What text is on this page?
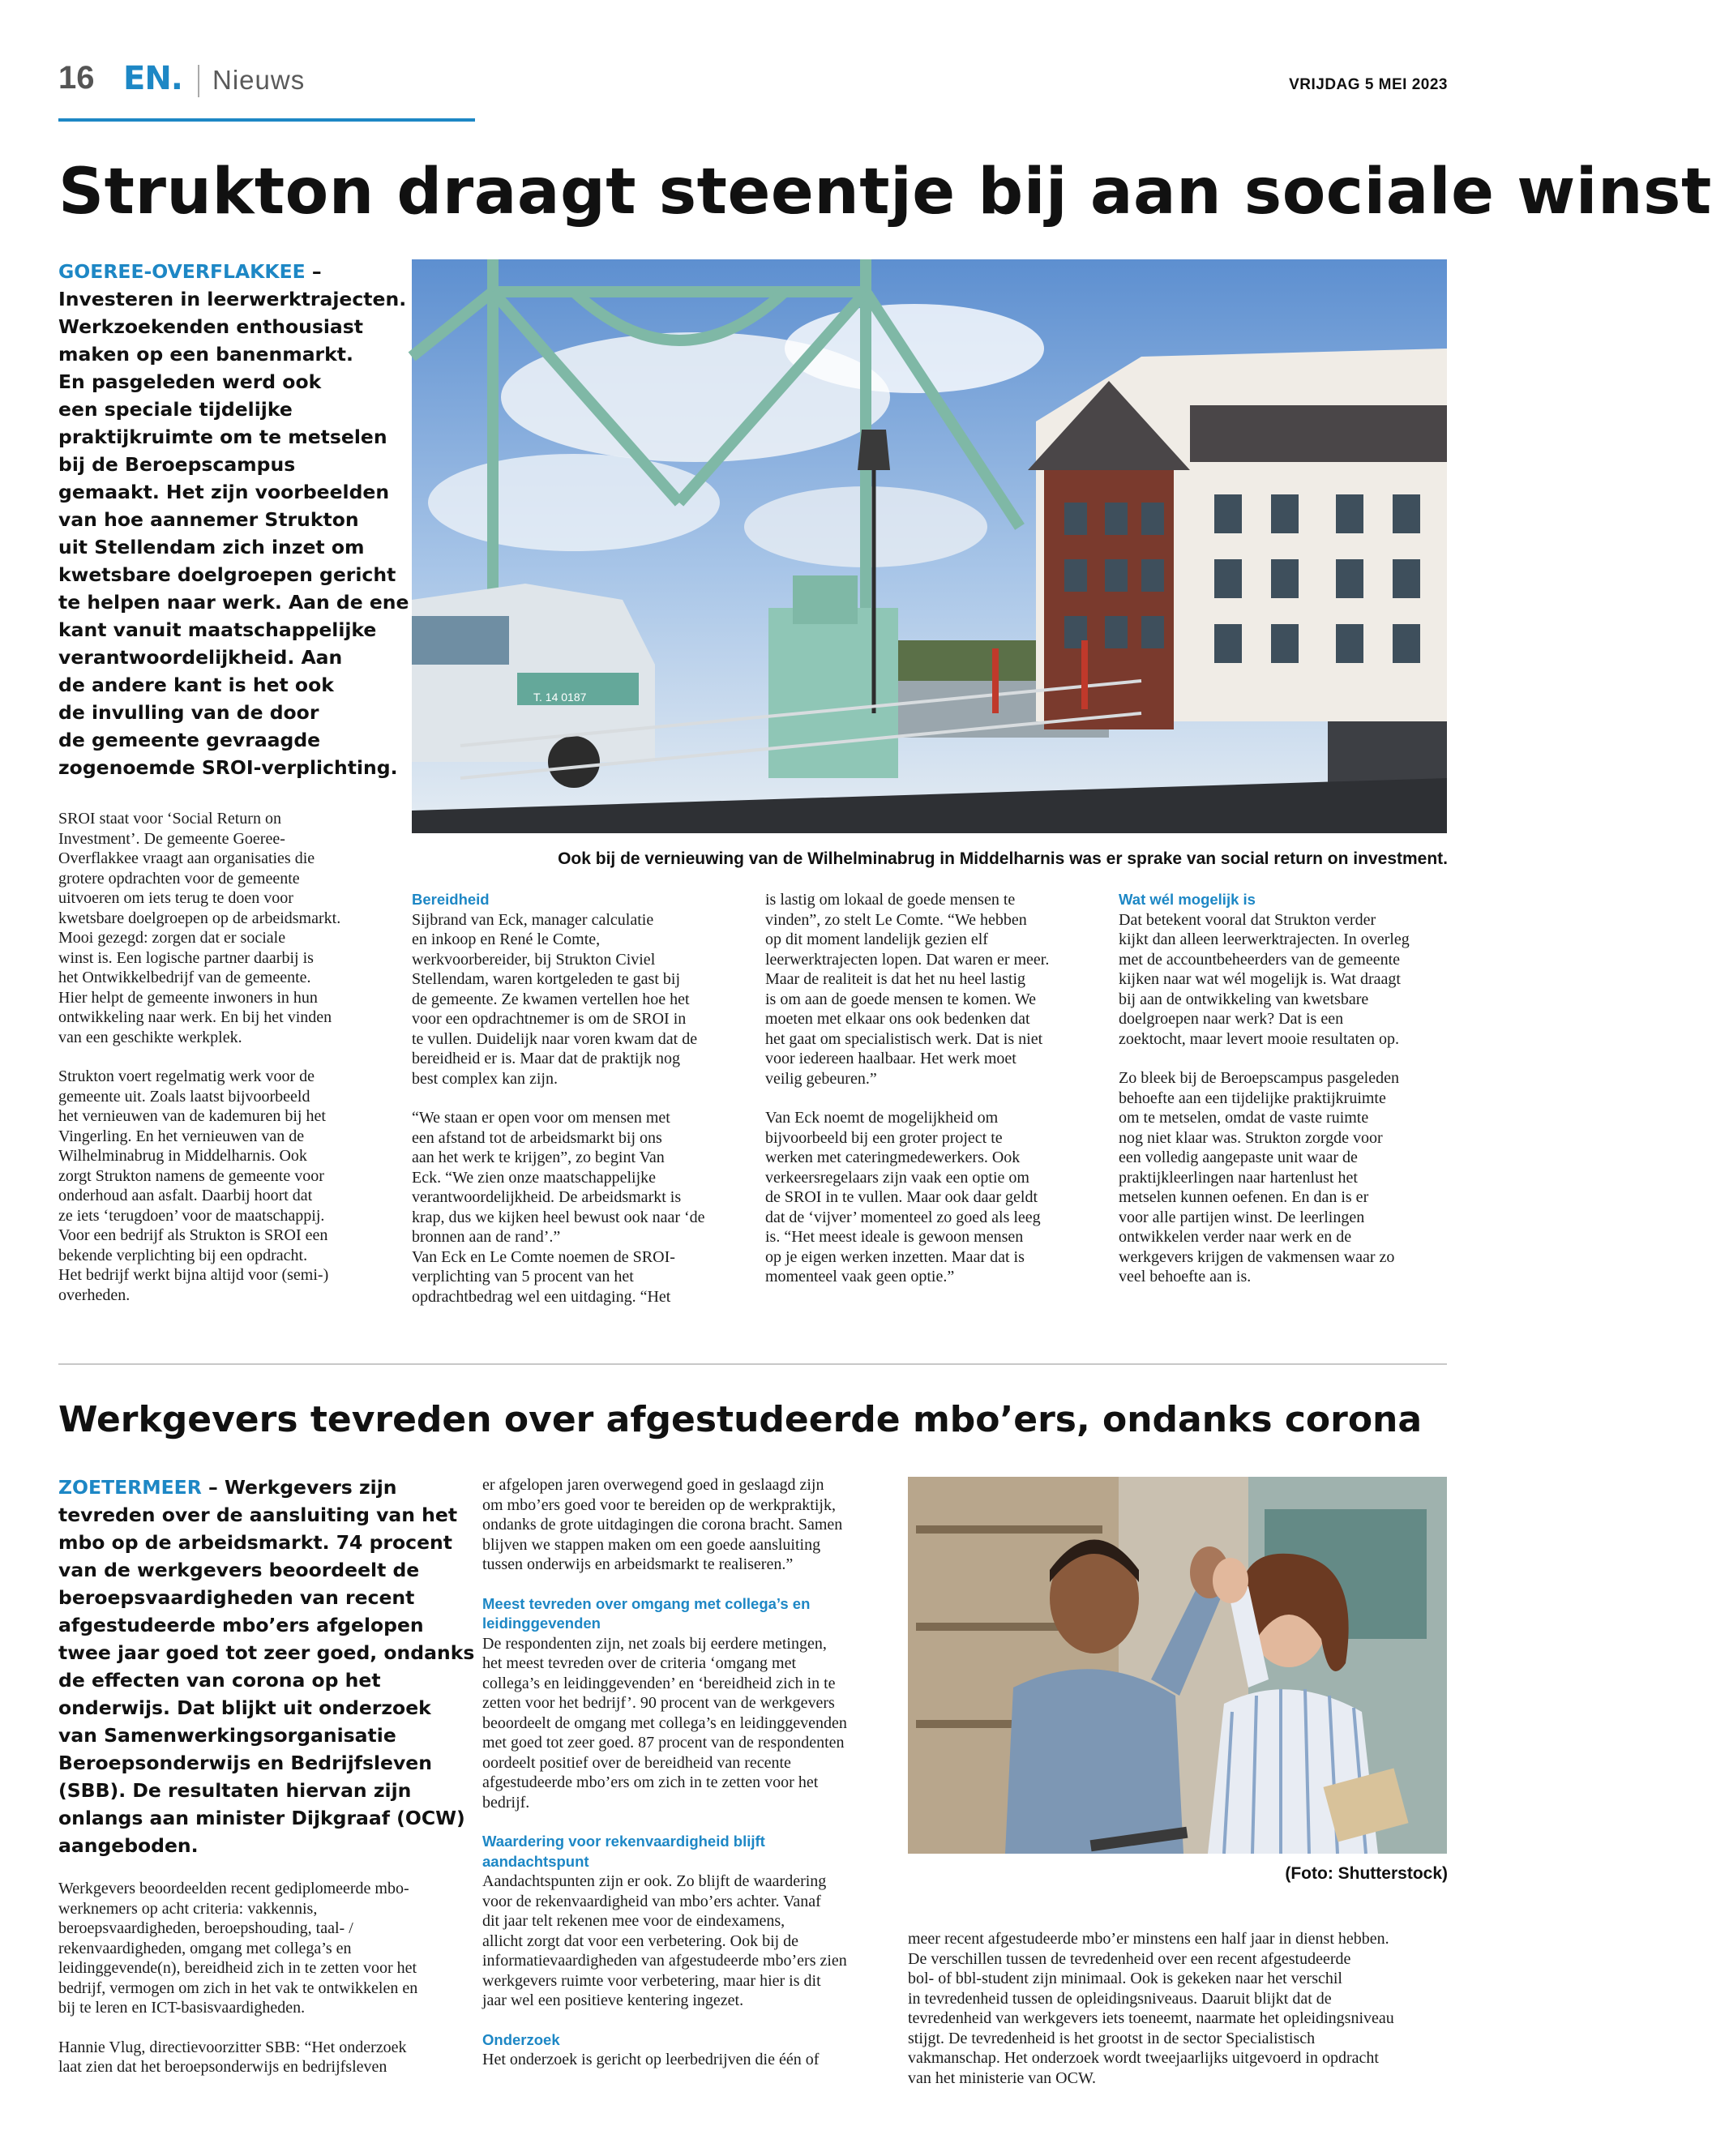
16 EN. Nieuws	VRIJDAG 5 MEI 2023
Strukton draagt steentje bij aan sociale winst
GOEREE-OVERFLAKKEE –
Investeren in leerwerktrajecten.
Werkzoekenden enthousiast
maken op een banenmarkt.
En pasgeleden werd ook
een speciale tijdelijke
praktijkruimte om te metselen
bij de Beroepscampus
gemaakt. Het zijn voorbeelden
van hoe aannemer Strukton
uit Stellendam zich inzet om
kwetsbare doelgroepen gericht
te helpen naar werk. Aan de ene
kant vanuit maatschappelijke
verantwoordelijkheid. Aan
de andere kant is het ook
de invulling van de door
de gemeente gevraagde
zogenoemde SROI-verplichting.

SROI staat voor ‘Social Return on
Investment’. De gemeente Goeree-
Overflakkee vraagt aan organisaties die
grotere opdrachten voor de gemeente
uitvoeren om iets terug te doen voor
kwetsbare doelgroepen op de arbeidsmarkt.
Mooi gezegd: zorgen dat er sociale
winst is. Een logische partner daarbij is
het Ontwikkelbedrijf van de gemeente.
Hier helpt de gemeente inwoners in hun
ontwikkeling naar werk. En bij het vinden
van een geschikte werkplek.

Strukton voert regelmatig werk voor de
gemeente uit. Zoals laatst bijvoorbeeld
het vernieuwen van de kademuren bij het
Vingerling. En het vernieuwen van de
Wilhelminabrug in Middelharnis. Ook
zorgt Strukton namens de gemeente voor
onderhoud aan asfalt. Daarbij hoort dat
ze iets ‘terugdoen’ voor de maatschappij.
Voor een bedrijf als Strukton is SROI een
bekende verplichting bij een opdracht.
Het bedrijf werkt bijna altijd voor (semi-)
overheden.

T. 14 0187
Ook bij de vernieuwing van de Wilhelminabrug in Middelharnis was er sprake van social return on investment.
Bereidheid

Sijbrand van Eck, manager calculatie
en inkoop en René le Comte,
werkvoorbereider, bij Strukton Civiel
Stellendam, waren kortgeleden te gast bij
de gemeente. Ze kwamen vertellen hoe het
voor een opdrachtnemer is om de SROI in
te vullen. Duidelijk naar voren kwam dat de
bereidheid er is. Maar dat de praktijk nog
best complex kan zijn.

“We staan er open voor om mensen met
een afstand tot de arbeidsmarkt bij ons
aan het werk te krijgen”, zo begint Van
Eck. “We zien onze maatschappelijke
verantwoordelijkheid. De arbeidsmarkt is
krap, dus we kijken heel bewust ook naar ‘de
bronnen aan de rand’.”
Van Eck en Le Comte noemen de SROI-
verplichting van 5 procent van het
opdrachtbedrag wel een uitdaging. “Het

is lastig om lokaal de goede mensen te
vinden”, zo stelt Le Comte. “We hebben
op dit moment landelijk gezien elf
leerwerktrajecten lopen. Dat waren er meer.
Maar de realiteit is dat het nu heel lastig
is om aan de goede mensen te komen. We
moeten met elkaar ons ook bedenken dat
het gaat om specialistisch werk. Dat is niet
voor iedereen haalbaar. Het werk moet
veilig gebeuren.”

Van Eck noemt de mogelijkheid om
bijvoorbeeld bij een groter project te
werken met cateringmedewerkers. Ook
verkeersregelaars zijn vaak een optie om
de SROI in te vullen. Maar ook daar geldt
dat de ‘vijver’ momenteel zo goed als leeg
is. “Het meest ideale is gewoon mensen
op je eigen werken inzetten. Maar dat is
momenteel vaak geen optie.”

Wat wél mogelijk is

Dat betekent vooral dat Strukton verder
kijkt dan alleen leerwerktrajecten. In overleg
met de accountbeheerders van de gemeente
kijken naar wat wél mogelijk is. Wat draagt
bij aan de ontwikkeling van kwetsbare
doelgroepen naar werk? Dat is een
zoektocht, maar levert mooie resultaten op.

Zo bleek bij de Beroepscampus pasgeleden
behoefte aan een tijdelijke praktijkruimte
om te metselen, omdat de vaste ruimte
nog niet klaar was. Strukton zorgde voor
een volledig aangepaste unit waar de
praktijkleerlingen naar hartenlust het
metselen kunnen oefenen. En dan is er
voor alle partijen winst. De leerlingen
ontwikkelen verder naar werk en de
werkgevers krijgen de vakmensen waar zo
veel behoefte aan is.

Werkgevers tevreden over afgestudeerde mbo’ers, ondanks corona
ZOETERMEER – Werkgevers zijn
tevreden over de aansluiting van het
mbo op de arbeidsmarkt. 74 procent
van de werkgevers beoordeelt de
beroepsvaardigheden van recent
afgestudeerde mbo’ers afgelopen
twee jaar goed tot zeer goed, ondanks
de effecten van corona op het
onderwijs. Dat blijkt uit onderzoek
van Samenwerkingsorganisatie
Beroepsonderwijs en Bedrijfsleven
(SBB). De resultaten hiervan zijn
onlangs aan minister Dijkgraaf (OCW)
aangeboden.

Werkgevers beoordeelden recent gediplomeerde mbo-
werknemers op acht criteria: vakkennis,
beroepsvaardigheden, beroepshouding, taal- /
rekenvaardigheden, omgang met collega’s en
leidinggevende(n), bereidheid zich in te zetten voor het
bedrijf, vermogen om zich in het vak te ontwikkelen en
bij te leren en ICT-basisvaardigheden.

Hannie Vlug, directievoorzitter SBB: “Het onderzoek
laat zien dat het beroepsonderwijs en bedrijfsleven

er afgelopen jaren overwegend goed in geslaagd zijn
om mbo’ers goed voor te bereiden op de werkpraktijk,
ondanks de grote uitdagingen die corona bracht. Samen
blijven we stappen maken om een goede aansluiting
tussen onderwijs en arbeidsmarkt te realiseren.”

Meest tevreden over omgang met collega’s en
leidinggevenden

De respondenten zijn, net zoals bij eerdere metingen,
het meest tevreden over de criteria ‘omgang met
collega’s en leidinggevenden’ en ‘bereidheid zich in te
zetten voor het bedrijf’. 90 procent van de werkgevers
beoordeelt de omgang met collega’s en leidinggevenden
met goed tot zeer goed. 87 procent van de respondenten
oordeelt positief over de bereidheid van recente
afgestudeerde mbo’ers om zich in te zetten voor het
bedrijf.

Waardering voor rekenvaardigheid blijft
aandachtspunt

Aandachtspunten zijn er ook. Zo blijft de waardering
voor de rekenvaardigheid van mbo’ers achter. Vanaf
dit jaar telt rekenen mee voor de eindexamens,
allicht zorgt dat voor een verbetering. Ook bij de
informatievaardigheden van afgestudeerde mbo’ers zien
werkgevers ruimte voor verbetering, maar hier is dit
jaar wel een positieve kentering ingezet.

Onderzoek

Het onderzoek is gericht op leerbedrijven die één of

(Foto: Shutterstock)

meer recent afgestudeerde mbo’er minstens een half jaar in dienst hebben.
De verschillen tussen de tevredenheid over een recent afgestudeerde
bol- of bbl-student zijn minimaal. Ook is gekeken naar het verschil
in tevredenheid tussen de opleidingsniveaus. Daaruit blijkt dat de
tevredenheid van werkgevers iets toeneemt, naarmate het opleidingsniveau
stijgt. De tevredenheid is het grootst in de sector Specialistisch
vakmanschap. Het onderzoek wordt tweejaarlijks uitgevoerd in opdracht
van het ministerie van OCW.
